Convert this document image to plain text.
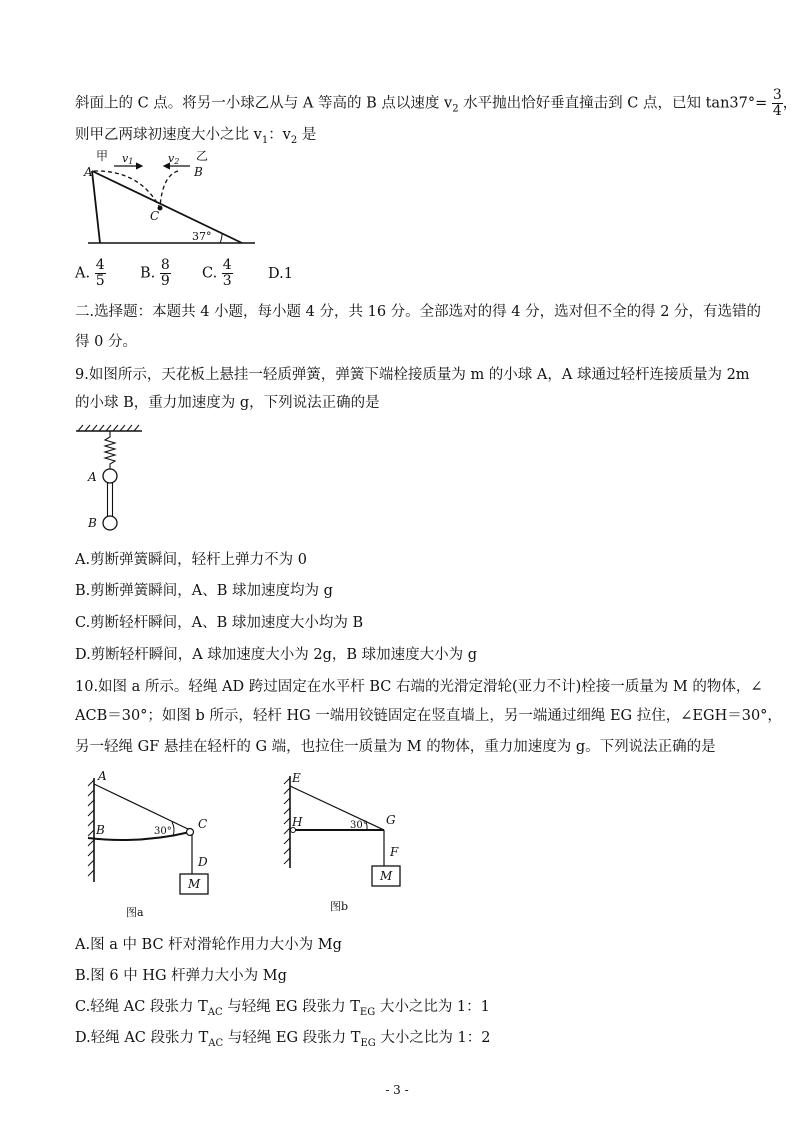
斜面上的 C 点。将另一小球乙从与 A 等高的 B 点以速度 $v_2$ 水平抛出恰好垂直撞击到 C 点，已知 $\tan 37^\circ= \frac{3}{4}$ ，
则甲乙两球初速度大小之比 $v_1$：$v_2$ 是
甲	乙
v1	v2
A	B
C
37°
A. $\frac{4}{5} B$. $\frac{8}{9} C$. $\frac{4}{3} D.1$
二.选择题：本题共 4 小题，每小题 4 分，共 16 分。全部选对的得 4 分，选对但不全的得 2 分，有选错的
得 0 分。
9.如图所示，天花板上悬挂一轻质弹簧，弹簧下端栓接质量为 m 的小球 A，A 球通过轻杆连接质量为 2m
的小球 B，重力加速度为 g，下列说法正确的是
A
B
A.剪断弹簧瞬间，轻杆上弹力不为 0
B.剪断弹簧瞬间，A、B 球加速度均为 g
C.剪断轻杆瞬间，A、B 球加速度大小均为 B
D.剪断轻杆瞬间，A 球加速度大小为 2g，B 球加速度大小为 g
10.如图 a 所示。轻绳 AD 跨过固定在水平杆 BC 右端的光滑定滑轮(亚力不计)栓接一质量为 M 的物体，∠
ACB＝30°；如图 b 所示，轻杆 HG 一端用铰链固定在竖直墙上，另一端通过细绳 EG 拉住，∠EGH＝30°，
另一轻绳 GF 悬挂在轻杆的 G 端，也拉住一质量为 M 的物体，重力加速度为 g。下列说法正确的是
A
B	C
D
M
30°
图a
E
H	G
F
M
30°
图b
A.图 a 中 BC 杆对滑轮作用力大小为 Mg
B.图 6 中 HG 杆弹力大小为 Mg
C.轻绳 AC 段张力 $T_{AC}$ 与轻绳 EG 段张力 $T_{EG}$ 大小之比为 1：1
D.轻绳 AC 段张力 $T_{AC}$ 与轻绳 EG 段张力 $T_{EG}$ 大小之比为 1：2
- 3 -
